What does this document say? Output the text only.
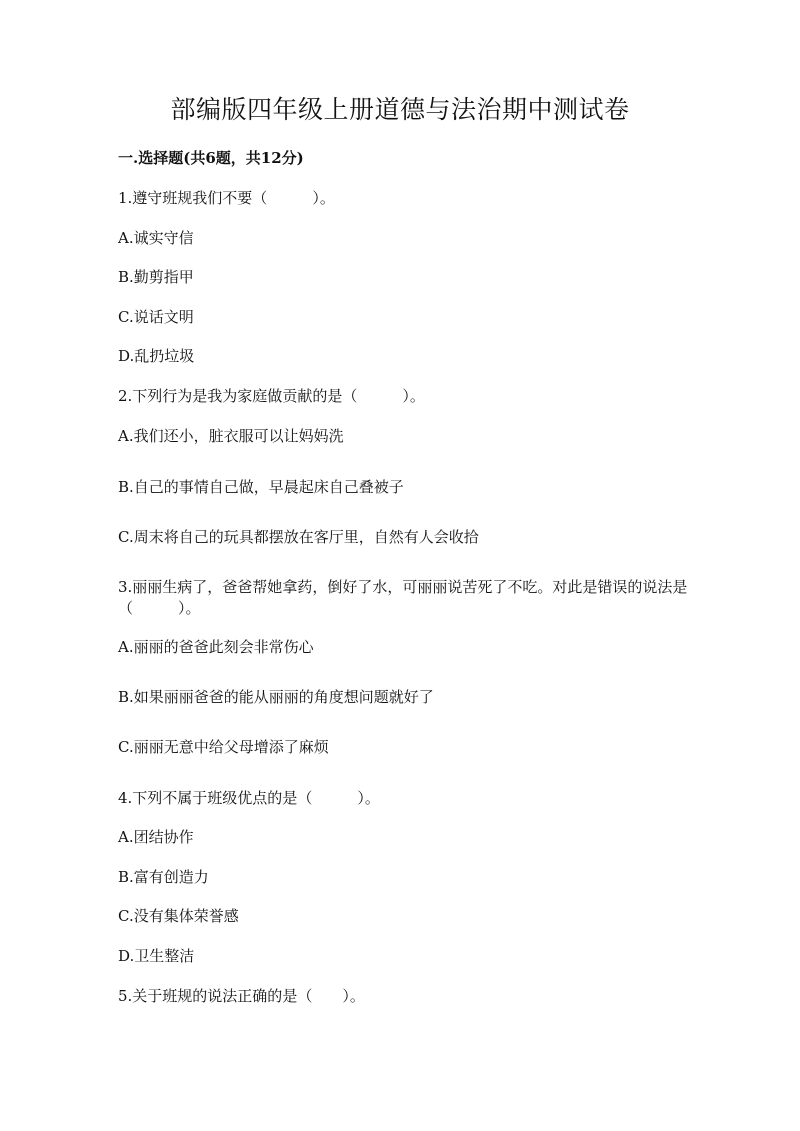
部编版四年级上册道德与法治期中测试卷
一.选择题(共6题，共12分)
1.遵守班规我们不要（　　　）。
A.诚实守信
B.勤剪指甲
C.说话文明
D.乱扔垃圾
2.下列行为是我为家庭做贡献的是（　　　）。
A.我们还小，脏衣服可以让妈妈洗
B.自己的事情自己做，早晨起床自己叠被子
C.周末将自己的玩具都摆放在客厅里，自然有人会收拾
3.丽丽生病了，爸爸帮她拿药，倒好了水，可丽丽说苦死了不吃。对此是错误的说法是（　　　）。
A.丽丽的爸爸此刻会非常伤心
B.如果丽丽爸爸的能从丽丽的角度想问题就好了
C.丽丽无意中给父母增添了麻烦
4.下列不属于班级优点的是（　　　）。
A.团结协作
B.富有创造力
C.没有集体荣誉感
D.卫生整洁
5.关于班规的说法正确的是（　　）。
